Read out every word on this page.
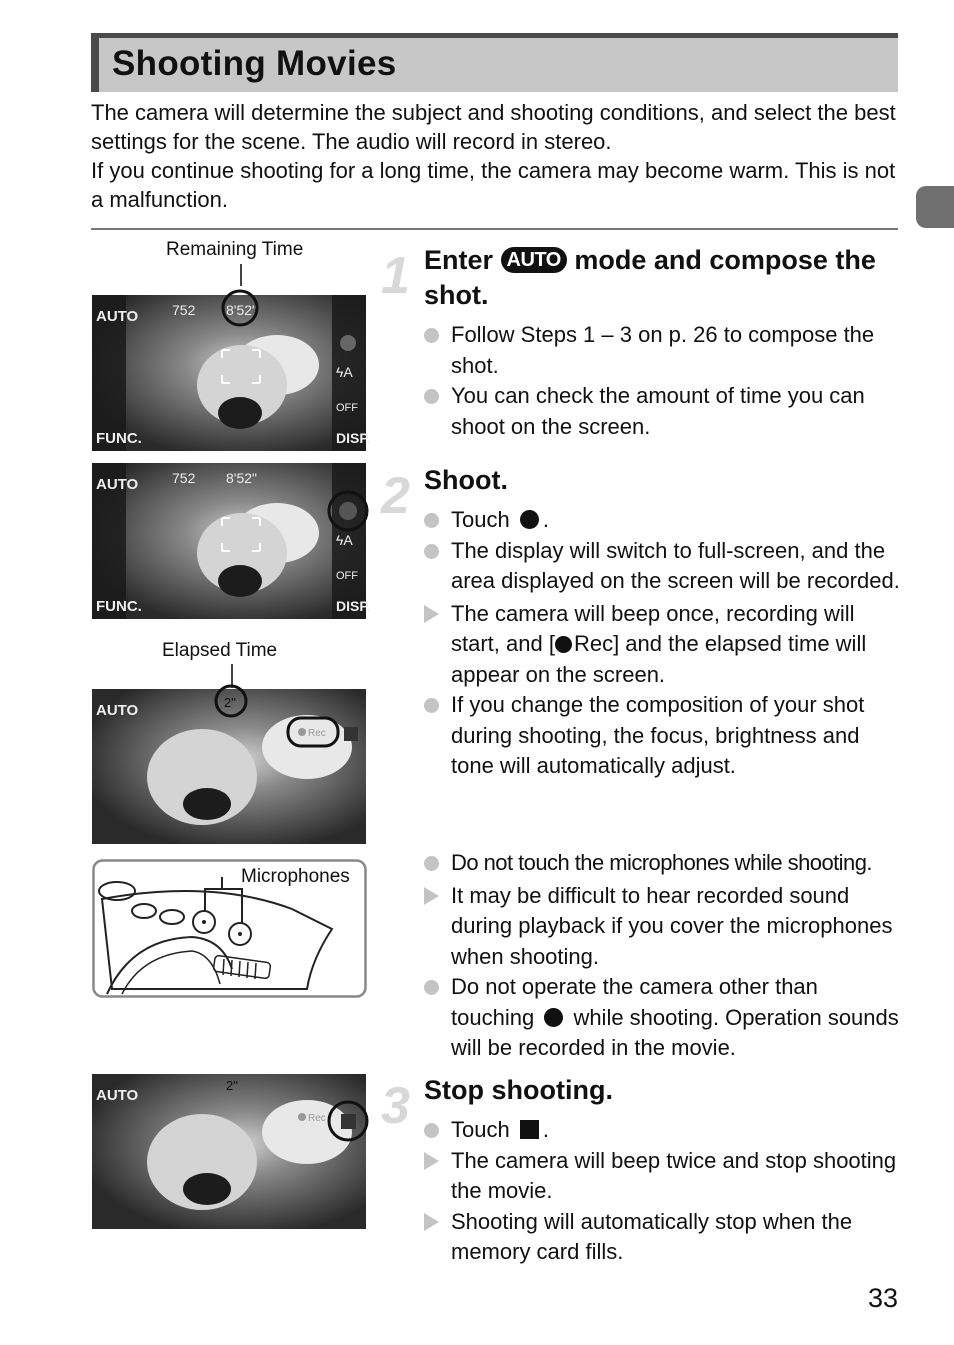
Shooting Movies

The camera will determine the subject and shooting conditions, and select the best settings for the scene. The audio will record in stereo.

If you continue shooting for a long time, the camera may become warm. This is not a malfunction.

Remaining Time
AUTO
FUNC.	DISP.
752 8'52"
ϟA
OFF
AUTO
FUNC.	DISP.
752 8'52"
ϟA
OFF
Elapsed Time
AUTO	2"
Rec
Microphones
AUTO
2"
Rec
1 Enter AUTO mode and compose the shot.
Follow Steps 1 – 3 on p. 26 to compose the shot.
You can check the amount of time you can shoot on the screen.
2 Shoot.
Touch .
The display will switch to full-screen, and the area displayed on the screen will be recorded.
The camera will beep once, recording will start, and [ Rec] and the elapsed time will appear on the screen.
If you change the composition of your shot during shooting, the focus, brightness and tone will automatically adjust.
Do not touch the microphones while shooting.
It may be difficult to hear recorded sound during playback if you cover the microphones when shooting.
Do not operate the camera other than touching while shooting. Operation sounds will be recorded in the movie.
3 Stop shooting.
Touch .
The camera will beep twice and stop shooting the movie.
Shooting will automatically stop when the memory card fills.
33
